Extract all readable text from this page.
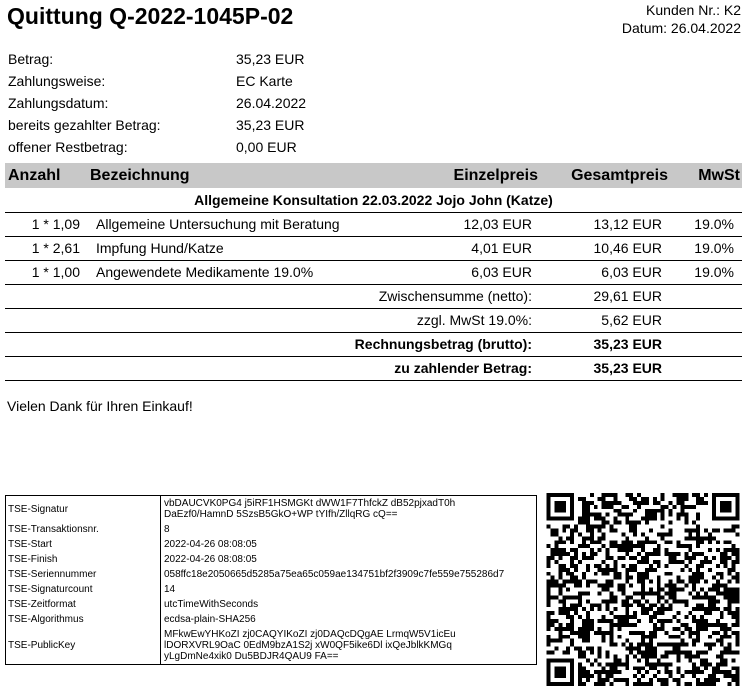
Quittung Q-2022-1045P-02	Kunden Nr.: K2
Datum: 26.04.2022
Betrag:	35,23 EUR
Zahlungsweise:	EC Karte
Zahlungsdatum:	26.04.2022
bereits gezahlter Betrag:	35,23 EUR
offener Restbetrag:	0,00 EUR
Anzahl Bezeichnung	Einzelpreis Gesamtpreis MwSt
Allgemeine Konsultation 22.03.2022 Jojo John (Katze)
1 * 1,09 Allgemeine Untersuchung mit Beratung	12,03 EUR	13,12 EUR 19.0%
1 * 2,61 Impfung Hund/Katze	4,01 EUR	10,46 EUR 19.0%
1 * 1,00 Angewendete Medikamente 19.0%	6,03 EUR	6,03 EUR 19.0%
Zwischensumme (netto):	29,61 EUR
zzgl. MwSt 19.0%:	5,62 EUR
Rechnungsbetrag (brutto):	35,23 EUR
zu zahlender Betrag:	35,23 EUR
Vielen Dank für Ihren Einkauf!
TSE-Signatur	vbDAUCVK0PG4 j5iRF1HSMGKt dWW1F7ThfckZ dB52pjxadT0h
DaEzf0/HamnD 5SzsB5GkO+WP tYIfh/ZllqRG cQ==
TSE-Transaktionsnr.	8
TSE-Start	2022-04-26 08:08:05
TSE-Finish	2022-04-26 08:08:05
TSE-Seriennummer	058ffc18e2050665d5285a75ea65c059ae134751bf2f3909c7fe559e755286d7
TSE-Signaturcount	14
TSE-Zeitformat	utcTimeWithSeconds
TSE-Algorithmus	ecdsa-plain-SHA256
TSE-PublicKey
MFkwEwYHKoZI zj0CAQYIKoZI zj0DAQcDQgAE LrmqW5V1icEu
lDORXVRL9OaC 0EdM9bzA1S2j xW0QF5ike6Dl ixQeJblkKMGq
yLgDmNe4xik0 Du5BDJR4QAU9 FA==
